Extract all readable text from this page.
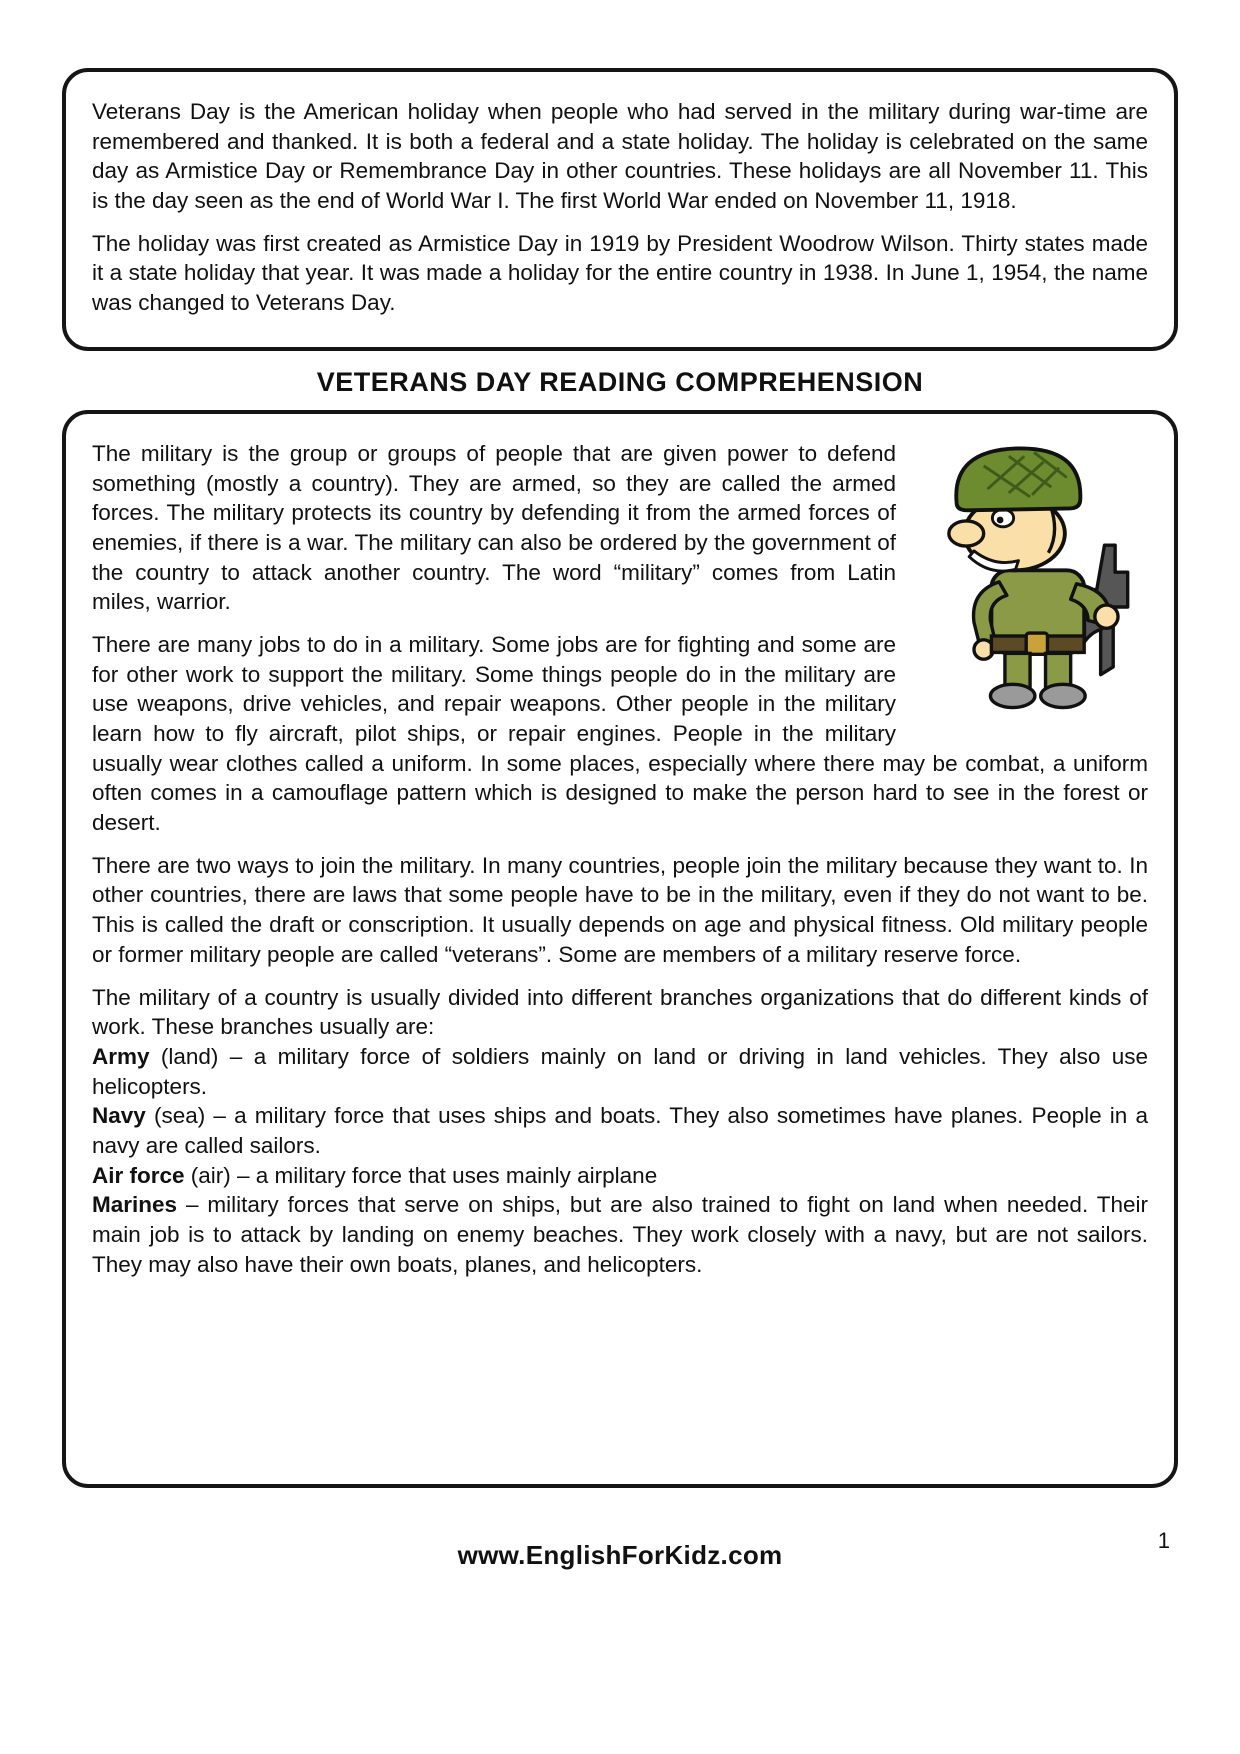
Veterans Day is the American holiday when people who had served in the military during war-time are remembered and thanked. It is both a federal and a state holiday. The holiday is celebrated on the same day as Armistice Day or Remembrance Day in other countries. These holidays are all November 11. This is the day seen as the end of World War I. The first World War ended on November 11, 1918.

The holiday was first created as Armistice Day in 1919 by President Woodrow Wilson. Thirty states made it a state holiday that year. It was made a holiday for the entire country in 1938. In June 1, 1954, the name was changed to Veterans Day.

VETERANS DAY READING COMPREHENSION

The military is the group or groups of people that are given power to defend something (mostly a country). They are armed, so they are called the armed forces. The military protects its country by defending it from the armed forces of enemies, if there is a war. The military can also be ordered by the government of the country to attack another country. The word “military” comes from Latin miles, warrior.

There are many jobs to do in a military. Some jobs are for fighting and some are for other work to support the military. Some things people do in the military are use weapons, drive vehicles, and repair weapons. Other people in the military learn how to fly aircraft, pilot ships, or repair engines. People in the military usually wear clothes called a uniform. In some places, especially where there may be combat, a uniform often comes in a camouflage pattern which is designed to make the person hard to see in the forest or desert.

There are two ways to join the military. In many countries, people join the military because they want to. In other countries, there are laws that some people have to be in the military, even if they do not want to be. This is called the draft or conscription. It usually depends on age and physical fitness. Old military people or former military people are called “veterans”. Some are members of a military reserve force.

The military of a country is usually divided into different branches organizations that do different kinds of work. These branches usually are:
Army (land) – a military force of soldiers mainly on land or driving in land vehicles. They also use helicopters.
Navy (sea) – a military force that uses ships and boats. They also sometimes have planes. People in a navy are called sailors.
Air force (air) – a military force that uses mainly airplane
Marines – military forces that serve on ships, but are also trained to fight on land when needed. Their main job is to attack by landing on enemy beaches. They work closely with a navy, but are not sailors. They may also have their own boats, planes, and helicopters.
www.EnglishForKidz.com	1
